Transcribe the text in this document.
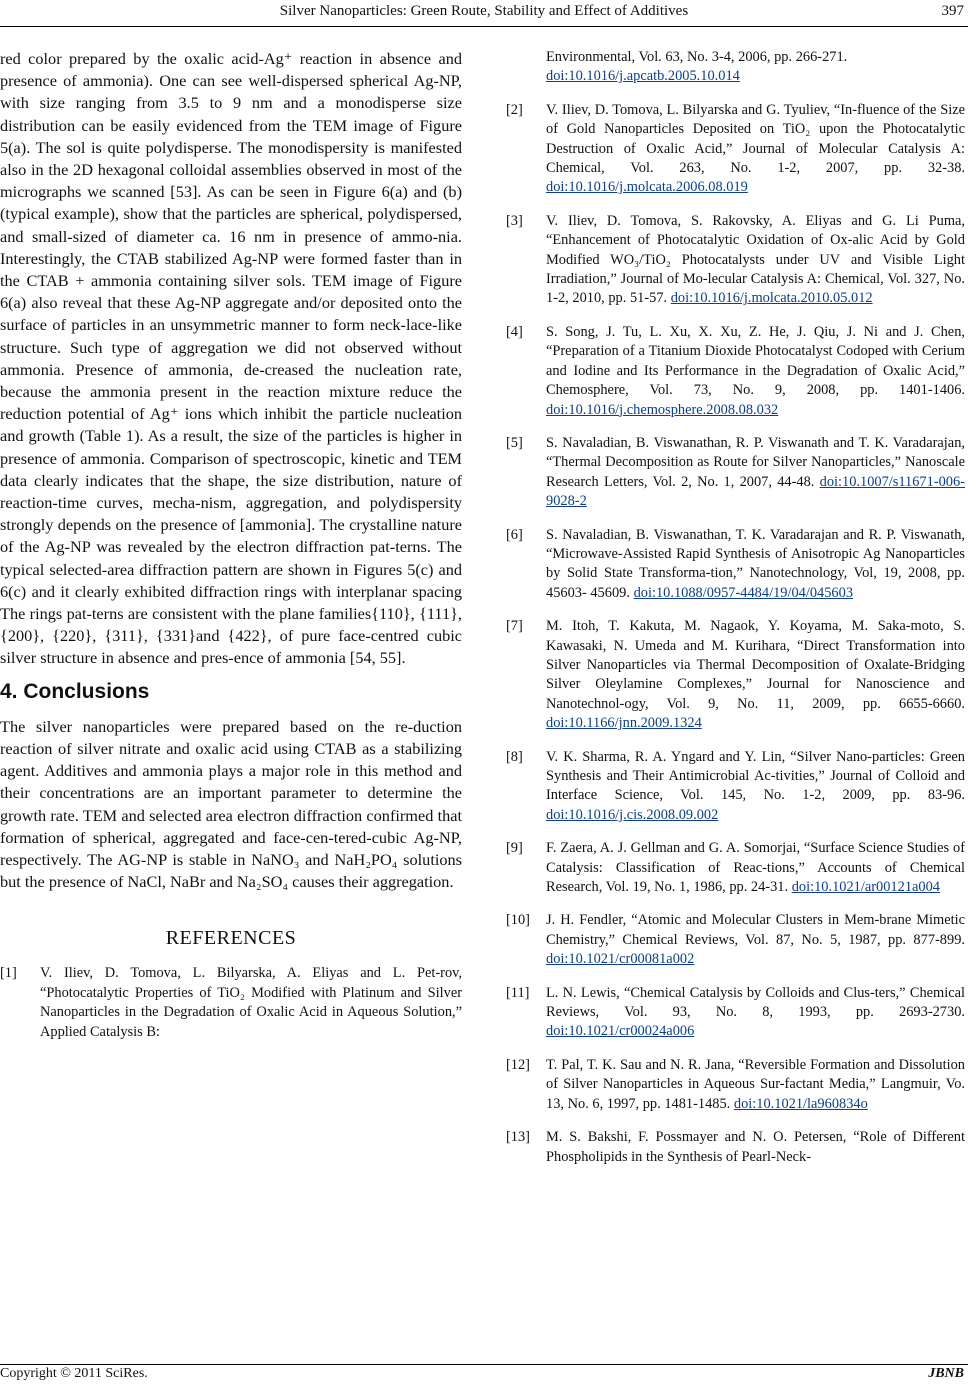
Silver Nanoparticles: Green Route, Stability and Effect of Additives	397

red color prepared by the oxalic acid-Ag⁺ reaction in absence and presence of ammonia). One can see well-dispersed spherical Ag-NP, with size ranging from 3.5 to 9 nm and a monodisperse size distribution can be easily evidenced from the TEM image of Figure 5(a). The sol is quite polydisperse. The monodispersity is manifested also in the 2D hexagonal colloidal assemblies observed in most of the micrographs we scanned [53]. As can be seen in Figure 6(a) and (b) (typical example), show that the particles are spherical, polydispersed, and small-sized of diameter ca. 16 nm in presence of ammo-nia. Interestingly, the CTAB stabilized Ag-NP were formed faster than in the CTAB + ammonia containing silver sols. TEM image of Figure 6(a) also reveal that these Ag-NP aggregate and/or deposited onto the surface of particles in an unsymmetric manner to form neck-lace-like structure. Such type of aggregation we did not observed without ammonia. Presence of ammonia, de-creased the nucleation rate, because the ammonia present in the reaction mixture reduce the reduction potential of Ag⁺ ions which inhibit the particle nucleation and growth (Table 1). As a result, the size of the particles is higher in presence of ammonia. Comparison of spectroscopic, kinetic and TEM data clearly indicates that the shape, the size distribution, nature of reaction-time curves, mecha-nism, aggregation, and polydispersity strongly depends on the presence of [ammonia]. The crystalline nature of the Ag-NP was revealed by the electron diffraction pat-terns. The typical selected-area diffraction pattern are shown in Figures 5(c) and 6(c) and it clearly exhibited diffraction rings with interplanar spacing The rings pat-terns are consistent with the plane families{110}, {111}, {200}, {220}, {311}, {331}and {422}, of pure face-centred cubic silver structure in absence and pres-ence of ammonia [54, 55].

4. Conclusions

The silver nanoparticles were prepared based on the re-duction reaction of silver nitrate and oxalic acid using CTAB as a stabilizing agent. Additives and ammonia plays a major role in this method and their concentrations are an important parameter to determine the growth rate. TEM and selected area electron diffraction confirmed that formation of spherical, aggregated and face-cen-tered-cubic Ag-NP, respectively. The AG-NP is stable in NaNO₃ and NaH₂PO₄ solutions but the presence of NaCl, NaBr and Na₂SO₄ causes their aggregation.

REFERENCES
[1]	V. Iliev, D. Tomova, L. Bilyarska, A. Eliyas and L. Pet-rov, “Photocatalytic Properties of TiO₂ Modified with Platinum and Silver Nanoparticles in the Degradation of Oxalic Acid in Aqueous Solution,” Applied Catalysis B:
Environmental, Vol. 63, No. 3-4, 2006, pp. 266-271.
doi:10.1016/j.apcatb.2005.10.014
[2]	V. Iliev, D. Tomova, L. Bilyarska and G. Tyuliev, “In-fluence of the Size of Gold Nanoparticles Deposited on TiO₂ upon the Photocatalytic Destruction of Oxalic Acid,” Journal of Molecular Catalysis A: Chemical, Vol. 263, No. 1-2, 2007, pp. 32-38. doi:10.1016/j.molcata.2006.08.019
[3]	V. Iliev, D. Tomova, S. Rakovsky, A. Eliyas and G. Li Puma, “Enhancement of Photocatalytic Oxidation of Ox-alic Acid by Gold Modified WO₃/TiO₂ Photocatalysts under UV and Visible Light Irradiation,” Journal of Mo-lecular Catalysis A: Chemical, Vol. 327, No. 1-2, 2010, pp. 51-57. doi:10.1016/j.molcata.2010.05.012
[4]	S. Song, J. Tu, L. Xu, X. Xu, Z. He, J. Qiu, J. Ni and J. Chen, “Preparation of a Titanium Dioxide Photocatalyst Codoped with Cerium and Iodine and Its Performance in the Degradation of Oxalic Acid,” Chemosphere, Vol. 73, No. 9, 2008, pp. 1401-1406. doi:10.1016/j.chemosphere.2008.08.032
[5]	S. Navaladian, B. Viswanathan, R. P. Viswanath and T. K. Varadarajan, “Thermal Decomposition as Route for Silver Nanoparticles,” Nanoscale Research Letters, Vol. 2, No. 1, 2007, 44-48. doi:10.1007/s11671-006-9028-2
[6]	S. Navaladian, B. Viswanathan, T. K. Varadarajan and R. P. Viswanath, “Microwave-Assisted Rapid Synthesis of Anisotropic Ag Nanoparticles by Solid State Transforma-tion,” Nanotechnology, Vol, 19, 2008, pp. 45603- 45609. doi:10.1088/0957-4484/19/04/045603
[7]	M. Itoh, T. Kakuta, M. Nagaok, Y. Koyama, M. Saka-moto, S. Kawasaki, N. Umeda and M. Kurihara, “Direct Transformation into Silver Nanoparticles via Thermal Decomposition of Oxalate-Bridging Silver Oleylamine Complexes,” Journal for Nanoscience and Nanotechnol-ogy, Vol. 9, No. 11, 2009, pp. 6655-6660. doi:10.1166/jnn.2009.1324
[8]	V. K. Sharma, R. A. Yngard and Y. Lin, “Silver Nano-particles: Green Synthesis and Their Antimicrobial Ac-tivities,” Journal of Colloid and Interface Science, Vol. 145, No. 1-2, 2009, pp. 83-96. doi:10.1016/j.cis.2008.09.002
[9]	F. Zaera, A. J. Gellman and G. A. Somorjai, “Surface Science Studies of Catalysis: Classification of Reac-tions,” Accounts of Chemical Research, Vol. 19, No. 1, 1986, pp. 24-31. doi:10.1021/ar00121a004
[10]	J. H. Fendler, “Atomic and Molecular Clusters in Mem-brane Mimetic Chemistry,” Chemical Reviews, Vol. 87, No. 5, 1987, pp. 877-899. doi:10.1021/cr00081a002
[11]	L. N. Lewis, “Chemical Catalysis by Colloids and Clus-ters,” Chemical Reviews, Vol. 93, No. 8, 1993, pp. 2693-2730. doi:10.1021/cr00024a006
[12]	T. Pal, T. K. Sau and N. R. Jana, “Reversible Formation and Dissolution of Silver Nanoparticles in Aqueous Sur-factant Media,” Langmuir, Vo. 13, No. 6, 1997, pp. 1481-1485. doi:10.1021/la960834o
[13]	M. S. Bakshi, F. Possmayer and N. O. Petersen, “Role of Different Phospholipids in the Synthesis of Pearl-Neck-
Copyright © 2011 SciRes.	JBNB
